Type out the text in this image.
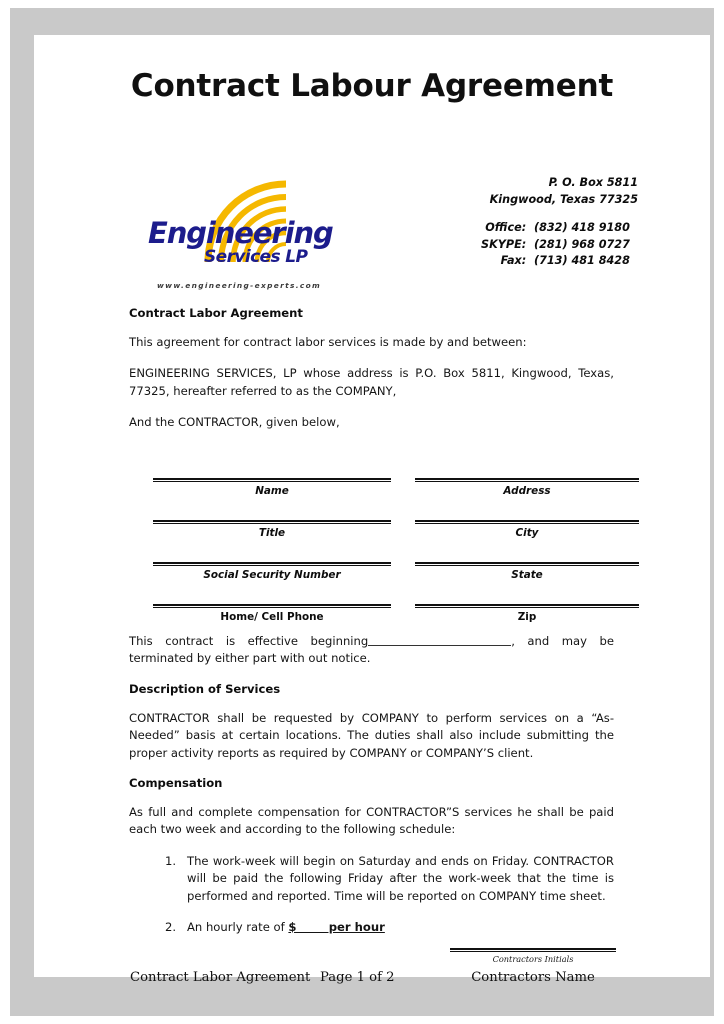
Contract Labour Agreement
Engineering
Services LP
www.engineering-experts.com
P. O. Box 5811
Kingwood, Texas 77325
Office: (832) 418 9180
SKYPE: (281) 968 0727
Fax: (713) 481 8428
Contract Labor Agreement

This agreement for contract labor services is made by and between:

ENGINEERING SERVICES, LP whose address is P.O. Box 5811, Kingwood, Texas, 77325, hereafter referred to as the COMPANY,

And the CONTRACTOR, given below,

Name	Address
Title	City
Social Security Number	State
Home/ Cell Phone	Zip

This contract is effective beginning	, and may be terminated by either part with out notice.

Description of Services

CONTRACTOR shall be requested by COMPANY to perform services on a “As-Needed” basis at certain locations. The duties shall also include submitting the proper activity reports as required by COMPANY or COMPANY’S client.

Compensation

As full and complete compensation for CONTRACTOR”S services he shall be paid each two week and according to the following schedule:

The work-week will begin on Saturday and ends on Friday. CONTRACTOR will be paid the following Friday after the work-week that the time is performed and reported. Time will be reported on COMPANY time sheet.
An hourly rate of $        per hour
Contractors Initials
Contract Labor Agreement Page 1 of 2	Contractors Name
